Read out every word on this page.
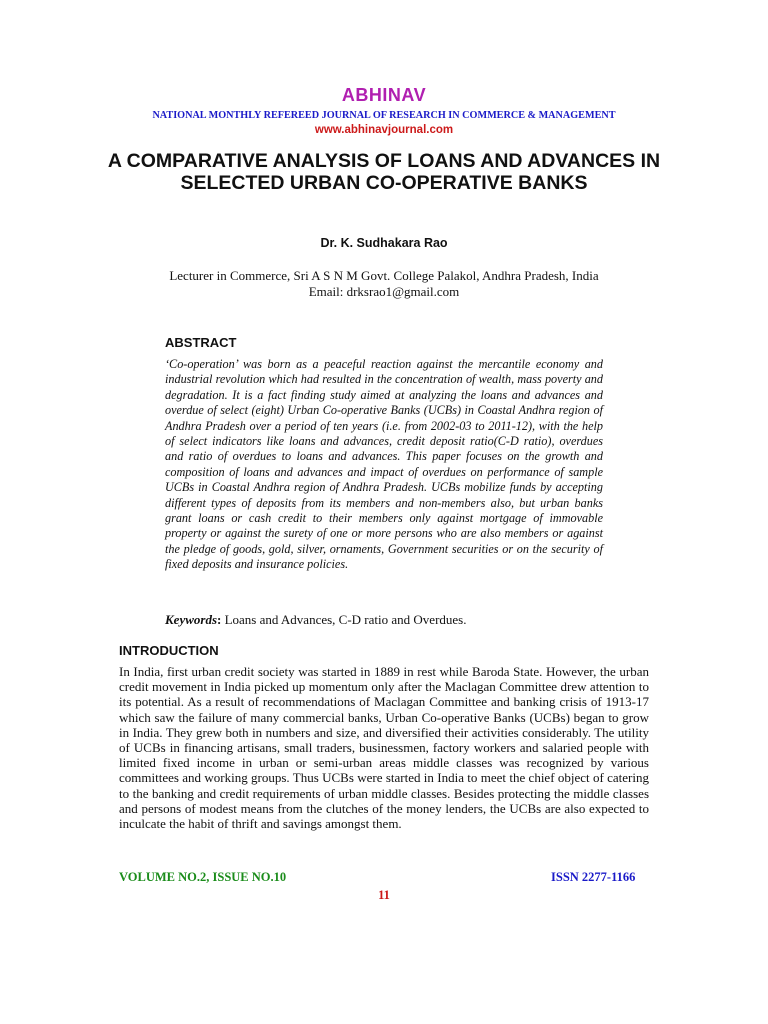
ABHINAV
NATIONAL MONTHLY REFEREED JOURNAL OF RESEARCH IN COMMERCE & MANAGEMENT
www.abhinavjournal.com
A COMPARATIVE ANALYSIS OF LOANS AND ADVANCES IN SELECTED URBAN CO-OPERATIVE BANKS
Dr. K. Sudhakara Rao
Lecturer in Commerce, Sri A S N M Govt. College Palakol, Andhra Pradesh, India
Email: drksrao1@gmail.com
ABSTRACT
‘Co-operation’ was born as a peaceful reaction against the mercantile economy and industrial revolution which had resulted in the concentration of wealth, mass poverty and degradation. It is a fact finding study aimed at analyzing the loans and advances and overdue of select (eight) Urban Co-operative Banks (UCBs) in Coastal Andhra region of Andhra Pradesh over a period of ten years (i.e. from 2002-03 to 2011-12), with the help of select indicators like loans and advances, credit deposit ratio(C-D ratio), overdues and ratio of overdues to loans and advances. This paper focuses on the growth and composition of loans and advances and impact of overdues on performance of sample UCBs in Coastal Andhra region of Andhra Pradesh. UCBs mobilize funds by accepting different types of deposits from its members and non-members also, but urban banks grant loans or cash credit to their members only against mortgage of immovable property or against the surety of one or more persons who are also members or against the pledge of goods, gold, silver, ornaments, Government securities or on the security of fixed deposits and insurance policies.
Keywords: Loans and Advances, C-D ratio and Overdues.
INTRODUCTION
In India, first urban credit society was started in 1889 in rest while Baroda State. However, the urban credit movement in India picked up momentum only after the Maclagan Committee drew attention to its potential. As a result of recommendations of Maclagan Committee and banking crisis of 1913-17 which saw the failure of many commercial banks, Urban Co-operative Banks (UCBs) began to grow in India. They grew both in numbers and size, and diversified their activities considerably. The utility of UCBs in financing artisans, small traders, businessmen, factory workers and salaried people with limited fixed income in urban or semi-urban areas middle classes was recognized by various committees and working groups. Thus UCBs were started in India to meet the chief object of catering to the banking and credit requirements of urban middle classes. Besides protecting the middle classes and persons of modest means from the clutches of the money lenders, the UCBs are also expected to inculcate the habit of thrift and savings amongst them.
VOLUME NO.2, ISSUE NO.10	ISSN 2277-1166
11
